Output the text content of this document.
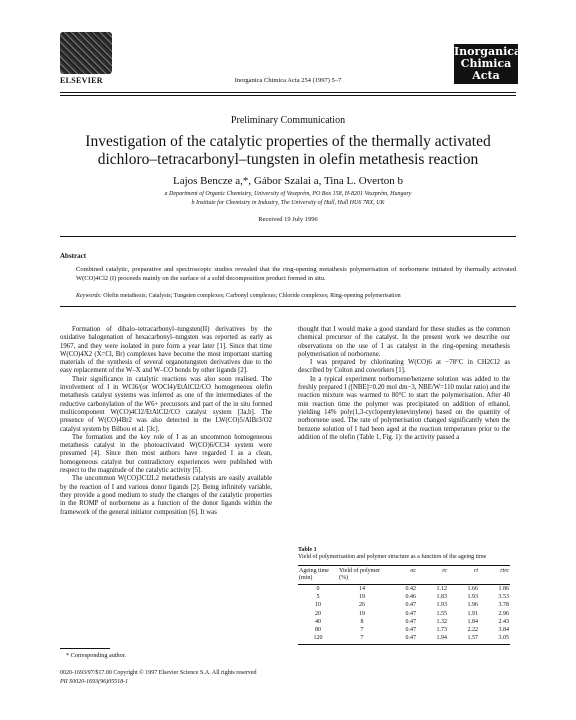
ELSEVIER	Inorganica Chimica Acta 254 (1997) 5–7
Inorganica
Chimica Acta
Preliminary Communication
Investigation of the catalytic properties of the thermally activated dichloro–tetracarbonyl–tungsten in olefin metathesis reaction
Lajos Bencze a,*, Gábor Szalai a, Tina L. Overton b
a Department of Organic Chemistry, University of Veszprém, PO Box 158, H-8201 Veszprém, Hungary
b Institute for Chemistry in Industry, The University of Hull, Hull HU6 7RX, UK
Received 19 July 1996
Abstract
Combined catalytic, preparative and spectroscopic studies revealed that the ring-opening metathesis polymerisation of norbornene initiated by thermally activated W(CO)4Cl2 (I) proceeds mainly on the surface of a solid decomposition product formed in situ.
Keywords: Olefin metathesis; Catalysis; Tungsten complexes; Carbonyl complexes; Chloride complexes; Ring-opening polymerisation

Formation of dihalo–tetracarbonyl–tungsten(II) derivatives by the oxidative halogenation of hexacarbonyl–tungsten was reported as early as 1967, and they were isolated in pure form a year later [1]. Since that time W(CO)4X2 (X=Cl, Br) complexes have become the most important starting materials of the synthesis of several organotungsten derivatives due to the easy replacement of the W–X and W–CO bonds by other ligands [2].

Their significance in catalytic reactions was also soon realised. The involvement of I in WCl6/(or WOCl4)/EtAlCl2/CO homogeneous olefin metathesis catalyst systems was inferred as one of the intermediates of the reductive carbonylation of the W6+ precursors and part of the in situ formed multicomponent W(CO)4Cl2/EtAlCl2/CO catalyst system [3a,b]. The presence of W(CO)4Br2 was also detected in the LW(CO)5/AlBr3/O2 catalyst system by Bilhou et al. [3c].

The formation and the key role of I as an uncommon homogeneous metathesis catalyst in the photoactivated W(CO)6/CCl4 system were presumed [4]. Since then most authors have regarded I as a clean, homogeneous catalyst but contradictory experiences were published with respect to the magnitude of the catalytic activity [5].

The uncommon W(CO)3Cl2L2 metathesis catalysts are easily available by the reaction of I and various donor ligands [2]. Being infinitely variable, they provide a good medium to study the changes of the catalytic properties in the ROMP of norbornene as a function of the donor ligands within the framework of the general initiator composition [6]. It was

thought that I would make a good standard for these studies as the common chemical precursor of the catalyst. In the present work we describe our observations on the use of I as catalyst in the ring-opening metathesis polymerisation of norbornene.

I was prepared by chlorinating W(CO)6 at −78°C in CH2Cl2 as described by Colton and coworkers [1].

In a typical experiment norbornene/benzene solution was added to the freshly prepared I ([NBE]=0.20 mol dm−3, NBE/W=110 molar ratio) and the reaction mixture was warmed to 80°C to start the polymerisation. After 40 min reaction time the polymer was precipitated on addition of ethanol, yielding 14% poly(1,3-cyclopentylenevinylene) based on the quantity of norbornene used. The rate of polymerisation changed significantly when the benzene solution of I had been aged at the reaction temperature prior to the addition of the olefin (Table 1, Fig. 1): the activity passed a

Table 1
Yield of polymerisation and polymer structure as a function of the ageing time
Ageing time (min)	Yield of polymer (%)	σc	rc	rt	rtrc
0	14	0.42	1.12	1.66	1.86
5	19	0.46	1.83	1.93	3.53
10	26	0.47	1.93	1.96	3.78
20	19	0.47	1.55	1.91	2.96
40	8	0.47	1.32	1.84	2.43
80	7	0.47	1.73	2.22	3.84
120	7	0.47	1.94	1.57	3.05
* Corresponding author.
0020-1693/97/$17.00 Copyright © 1997 Elsevier Science S.A. All rights reserved
PII S0020-1693(96)05518-1
